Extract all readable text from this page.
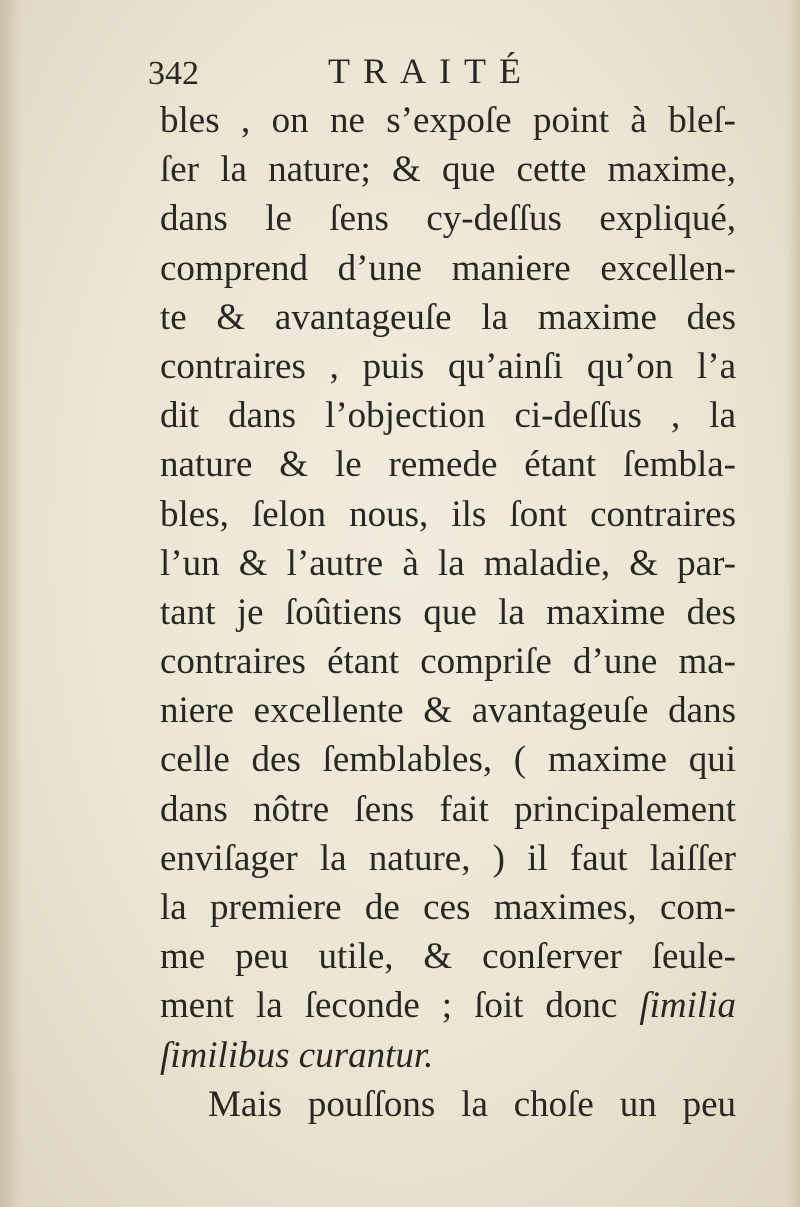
342	TRAITÉ
bles , on ne s’expoſe point à bleſ-
ſer la nature; & que cette maxime,
dans le ſens cy-deſſus expliqué,
comprend d’une maniere excellen-
te & avantageuſe la maxime des
contraires , puis qu’ainſi qu’on l’a
dit dans l’objection ci-deſſus , la
nature & le remede étant ſembla-
bles, ſelon nous, ils ſont contraires
l’un & l’autre à la maladie, & par-
tant je ſoûtiens que la maxime des
contraires étant compriſe d’une ma-
niere excellente & avantageuſe dans
celle des ſemblables, ( maxime qui
dans nôtre ſens fait principalement
enviſager la nature, ) il faut laiſſer
la premiere de ces maximes, com-
me peu utile, & conſerver ſeule-
ment la ſeconde ; ſoit donc ſimilia
ſimilibus curantur.
Mais pouſſons la choſe un peu
